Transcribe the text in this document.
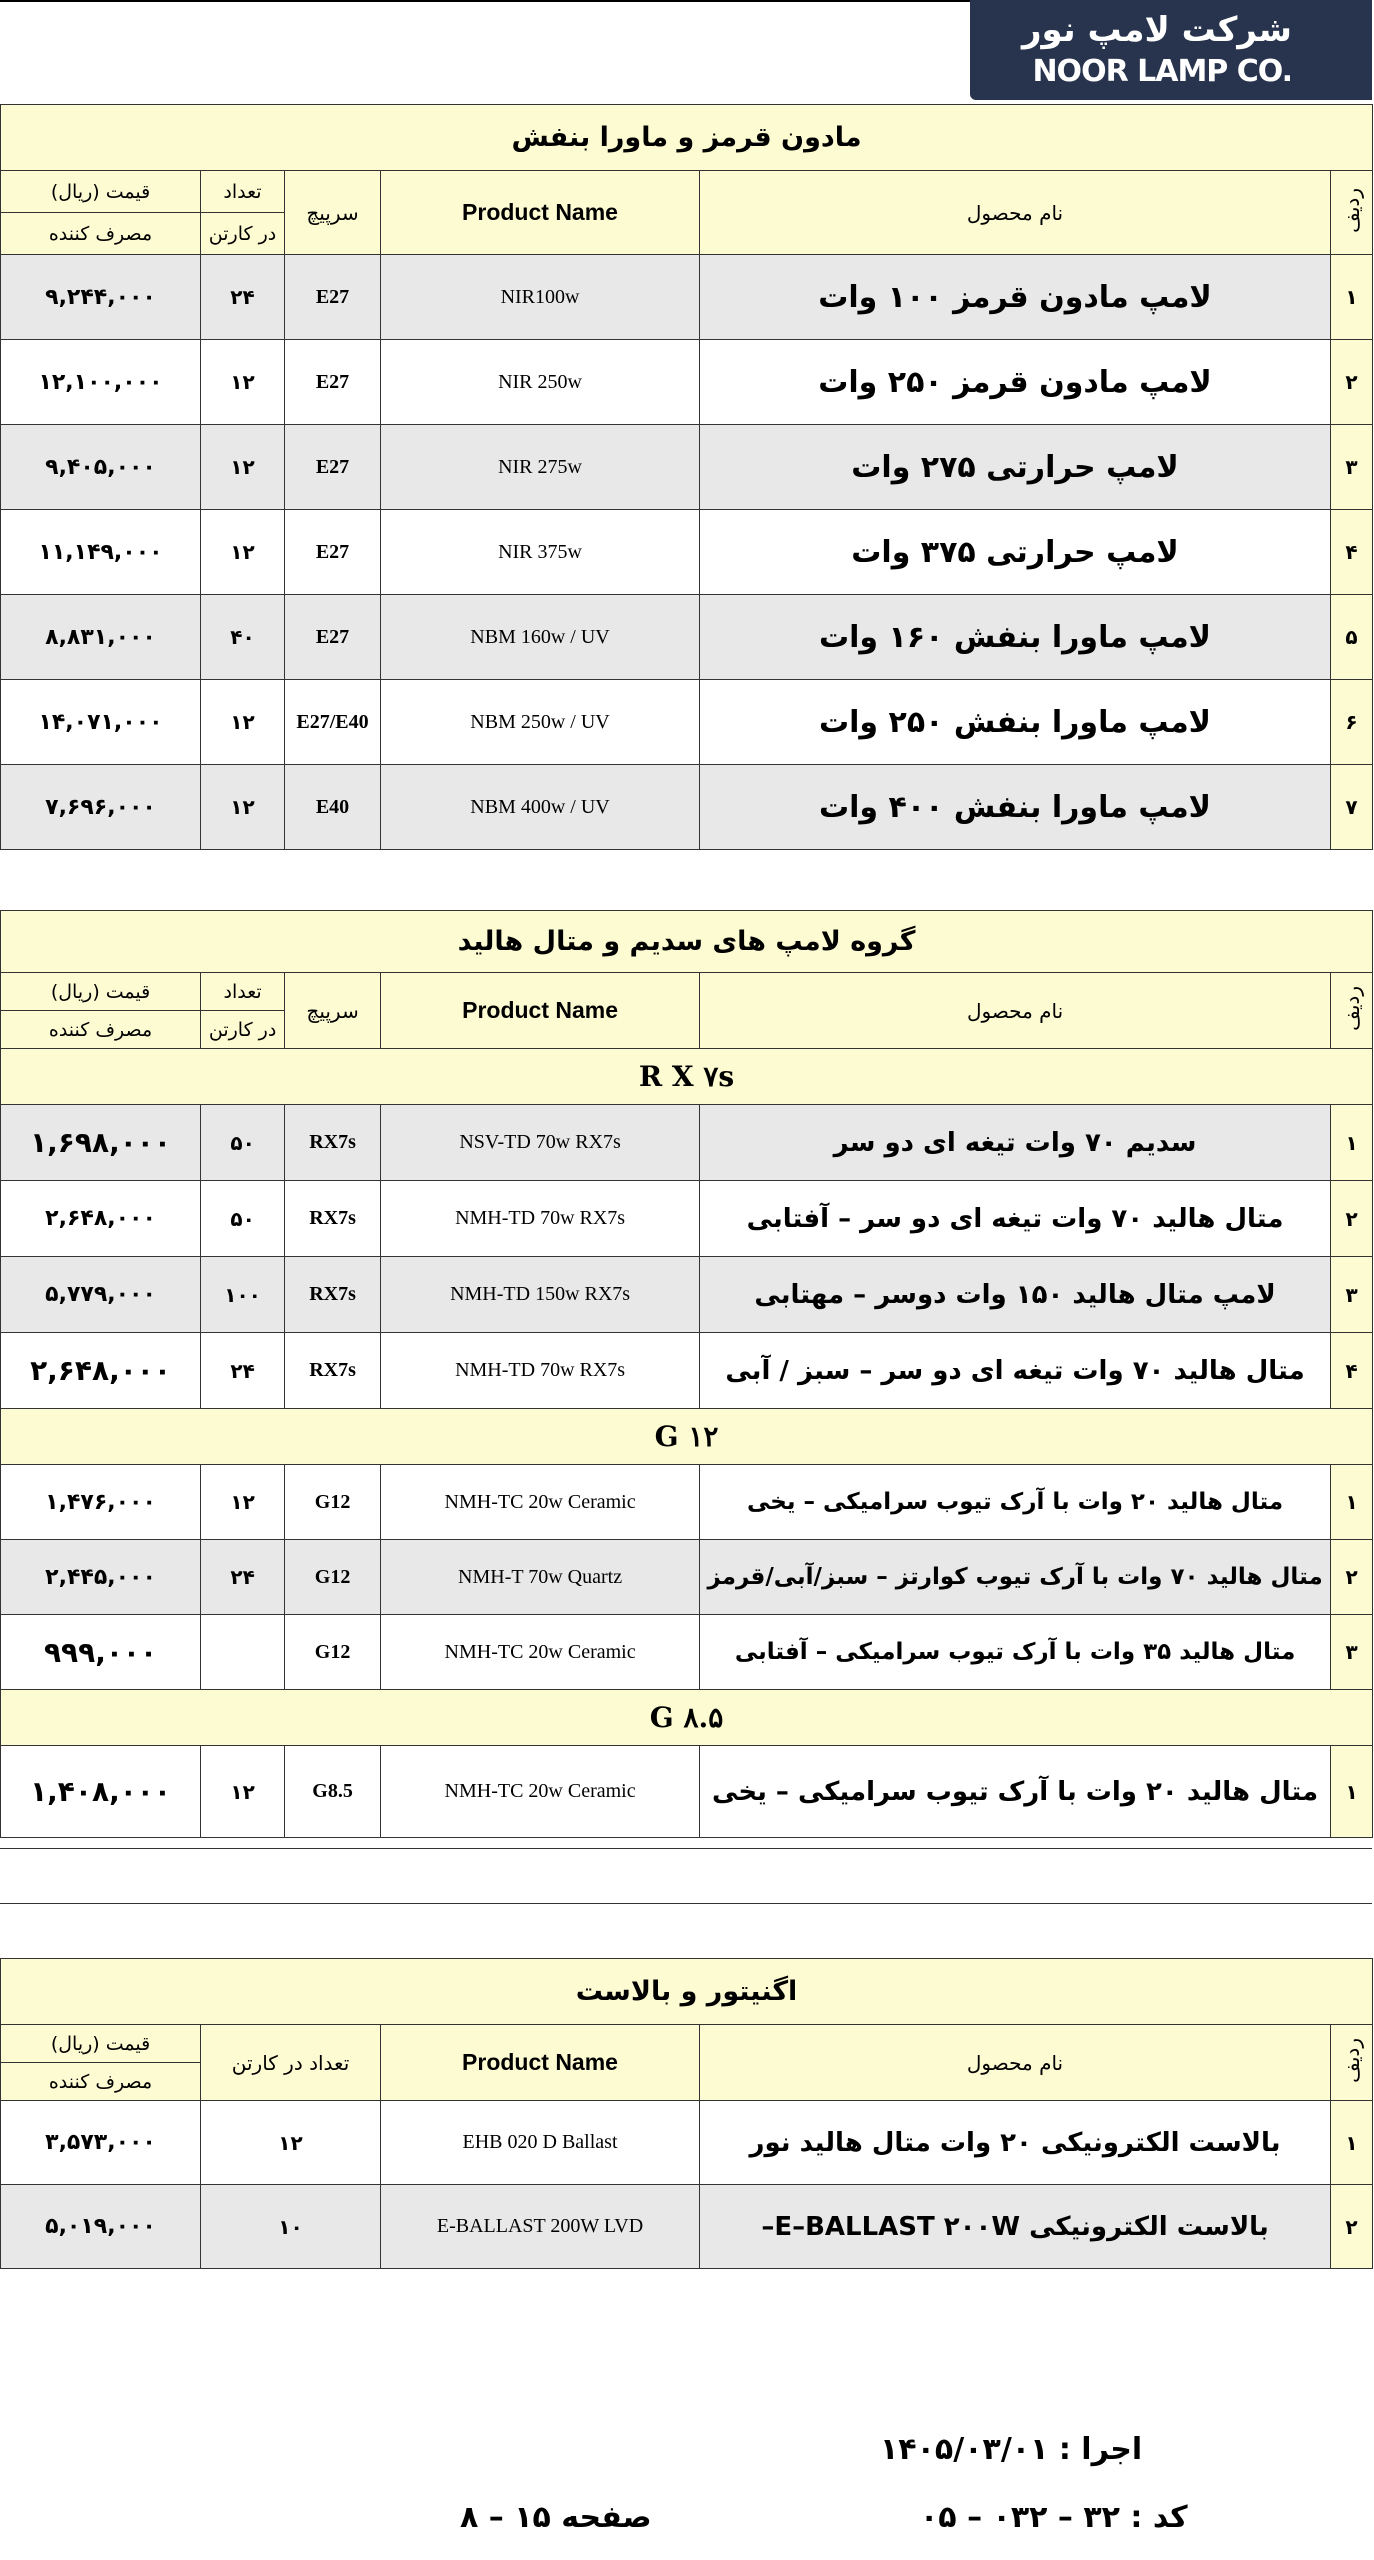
شرکت لامپ نور
NOOR LAMP CO.
مادون قرمز و ماورا بنفش					
ردیف	نام محصول	Product Name	سرپیچ	تعداد	قیمت (ریال)
				در کارتن	مصرف کننده
۱	لامپ مادون قرمز ۱۰۰ وات	NIR100w	E27	۲۴	۹,۲۴۴,۰۰۰
۲	لامپ مادون قرمز ۲۵۰ وات	NIR 250w	E27	۱۲	۱۲,۱۰۰,۰۰۰
۳	لامپ حرارتی ۲۷۵ وات	NIR 275w	E27	۱۲	۹,۴۰۵,۰۰۰
۴	لامپ حرارتی ۳۷۵ وات	NIR 375w	E27	۱۲	۱۱,۱۴۹,۰۰۰
۵	لامپ ماورا بنفش ۱۶۰ وات	NBM 160w / UV	E27	۴۰	۸,۸۳۱,۰۰۰
۶	لامپ ماورا بنفش ۲۵۰ وات	NBM 250w / UV	E27/E40	۱۲	۱۴,۰۷۱,۰۰۰
۷	لامپ ماورا بنفش ۴۰۰ وات	NBM 400w / UV	E40	۱۲	۷,۶۹۶,۰۰۰
گروه لامپ های سدیم و متال هالید					
ردیف	نام محصول	Product Name	سرپیچ	تعداد	قیمت (ریال)
				در کارتن	مصرف کننده
R X ۷s					
۱	سدیم ۷۰ وات تیغه ای دو سر	NSV-TD 70w RX7s	RX7s	۵۰	۱,۶۹۸,۰۰۰
۲	متال هالید ۷۰ وات تیغه ای دو سر – آفتابی	NMH-TD 70w RX7s	RX7s	۵۰	۲,۶۴۸,۰۰۰
۳	لامپ متال هالید ۱۵۰ وات دوسر – مهتابی	NMH-TD 150w RX7s	RX7s	۱۰۰	۵,۷۷۹,۰۰۰
۴	متال هالید ۷۰ وات تیغه ای دو سر – سبز / آبی	NMH-TD 70w RX7s	RX7s	۲۴	۲,۶۴۸,۰۰۰
G ۱۲					
۱	متال هالید ۲۰ وات با آرک تیوب سرامیکی – یخی	NMH-TC 20w Ceramic	G12	۱۲	۱,۴۷۶,۰۰۰
۲	متال هالید ۷۰ وات با آرک تیوب کوارتز – سبز/آبی/قرمز	NMH-T 70w Quartz	G12	۲۴	۲,۴۴۵,۰۰۰
۳	متال هالید ۳۵ وات با آرک تیوب سرامیکی – آفتابی	NMH-TC 20w Ceramic	G12		۹۹۹,۰۰۰
G ۸.۵					
۱	متال هالید ۲۰ وات با آرک تیوب سرامیکی – یخی	NMH-TC 20w Ceramic	G8.5	۱۲	۱,۴۰۸,۰۰۰
اگنیتور و بالاست				
ردیف	نام محصول	Product Name	تعداد در کارتن	قیمت (ریال)
				مصرف کننده
۱	بالاست الکترونیکی ۲۰ وات متال هالید نور	EHB 020 D Ballast	۱۲	۳,۵۷۳,۰۰۰
۲	بالاست الکترونیکی E–BALLAST ۲۰۰W–	E-BALLAST 200W LVD	۱۰	۵,۰۱۹,۰۰۰
اجرا : ۱۴۰۵/۰۳/۰۱
کد : ۳۲ – ۰۳۲ – ۰۵
صفحه ۱۵ – ۸
